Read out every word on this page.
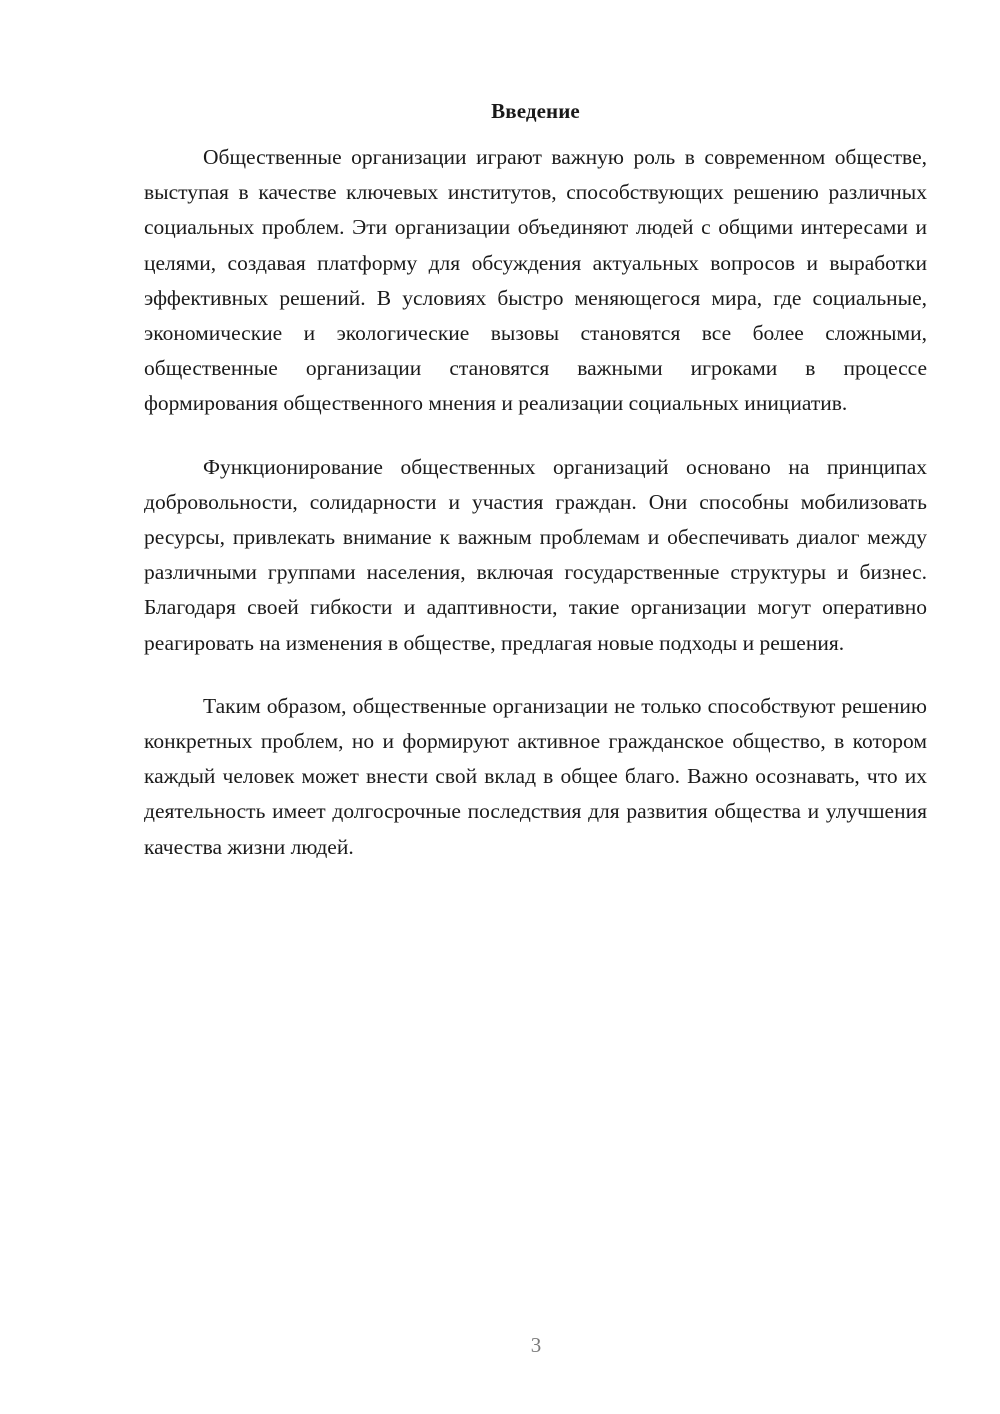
Введение

Общественные организации играют важную роль в современном обществе, выступая в качестве ключевых институтов, способствующих решению различных социальных проблем. Эти организации объединяют людей с общими интересами и целями, создавая платформу для обсуждения актуальных вопросов и выработки эффективных решений. В условиях быстро меняющегося мира, где социальные, экономические и экологические вызовы становятся все более сложными, общественные организации становятся важными игроками в процессе формирования общественного мнения и реализации социальных инициатив.

Функционирование общественных организаций основано на принципах добровольности, солидарности и участия граждан. Они способны мобилизовать ресурсы, привлекать внимание к важным проблемам и обеспечивать диалог между различными группами населения, включая государственные структуры и бизнес. Благодаря своей гибкости и адаптивности, такие организации могут оперативно реагировать на изменения в обществе, предлагая новые подходы и решения.

Таким образом, общественные организации не только способствуют решению конкретных проблем, но и формируют активное гражданское общество, в котором каждый человек может внести свой вклад в общее благо. Важно осознавать, что их деятельность имеет долгосрочные последствия для развития общества и улучшения качества жизни людей.

3
